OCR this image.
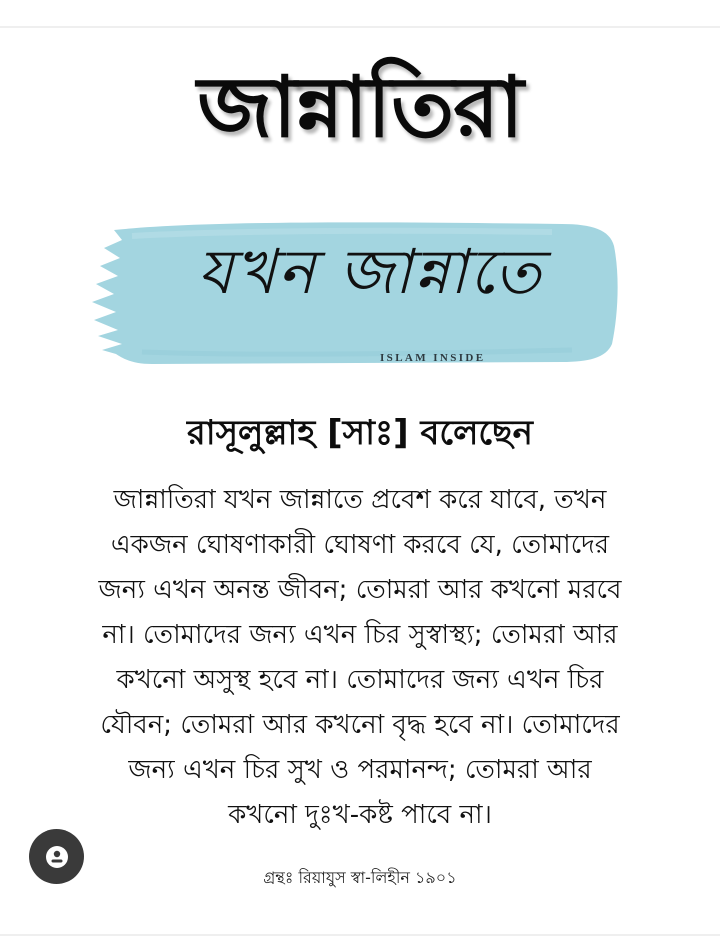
জান্নাতিরা
যখন জান্নাতে
ISLAM INSIDE
রাসূলুল্লাহ [সাঃ] বলেছেন
জান্নাতিরা যখন জান্নাতে প্রবেশ করে যাবে, তখন
একজন ঘোষণাকারী ঘোষণা করবে যে, তোমাদের
জন্য এখন অনন্ত জীবন; তোমরা আর কখনো মরবে
না। তোমাদের জন্য এখন চির সুস্বাস্থ্য; তোমরা আর
কখনো অসুস্থ হবে না। তোমাদের জন্য এখন চির
যৌবন; তোমরা আর কখনো বৃদ্ধ হবে না। তোমাদের
জন্য এখন চির সুখ ও পরমানন্দ; তোমরা আর
কখনো দুঃখ-কষ্ট পাবে না।
গ্রন্থঃ রিয়াযুস স্বা-লিহীন ১৯০১
